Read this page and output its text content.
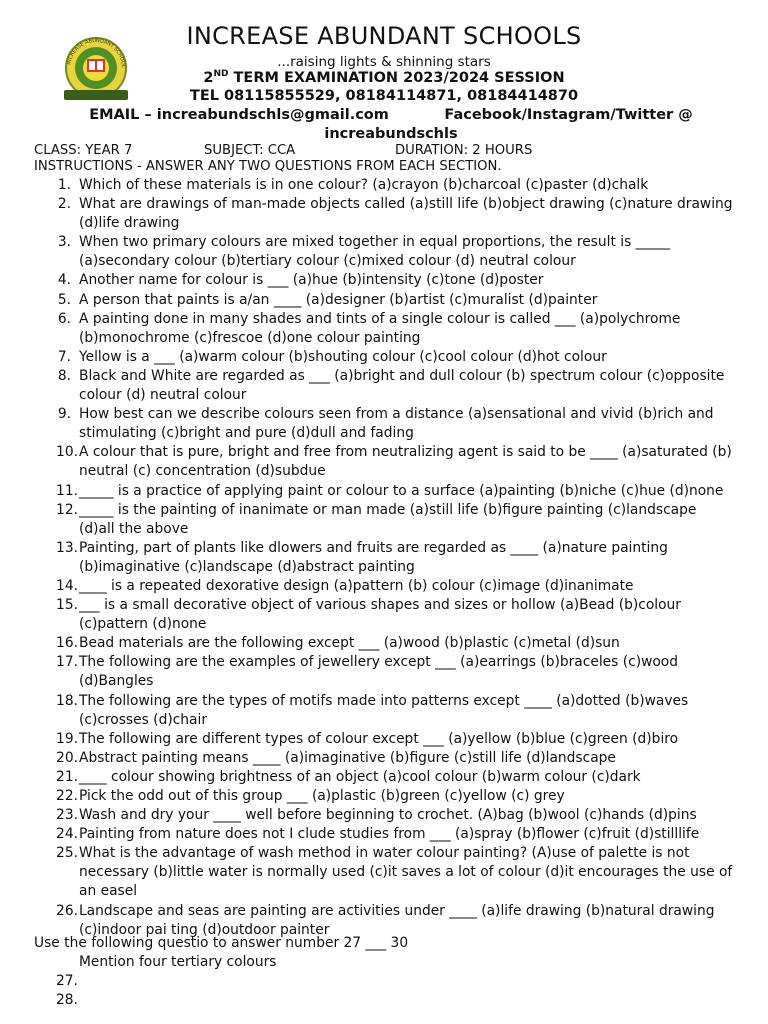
INCREASE ABUNDANT SCHOOL
INCREASE ABUNDANT SCHOOLS
...raising lights & shinning stars
2ND TERM EXAMINATION 2023/2024 SESSION
TEL 08115855529, 08184114871, 08184414870
EMAIL – increabundschls@gmail.com           Facebook/Instagram/Twitter @ increabundschls
CLASS: YEAR 7	SUBJECT: CCA	DURATION: 2 HOURS
INSTRUCTIONS - ANSWER ANY TWO QUESTIONS FROM EACH SECTION.
1. Which of these materials is in one colour? (a)crayon (b)charcoal (c)paster (d)chalk
2. What are drawings of man-made objects called (a)still life (b)object drawing (c)nature drawing (d)life drawing
3. When two primary colours are mixed together in equal proportions, the result is _____ (a)secondary colour (b)tertiary colour (c)mixed colour (d) neutral colour
4. Another name for colour is ___ (a)hue (b)intensity (c)tone (d)poster
5. A person that paints is a/an ____ (a)designer (b)artist (c)muralist (d)painter
6. A painting done in many shades and tints of a single colour is called ___ (a)polychrome (b)monochrome (c)frescoe (d)one colour painting
7. Yellow is a ___ (a)warm colour (b)shouting colour (c)cool colour (d)hot colour
8. Black and White are regarded as ___ (a)bright and dull colour (b) spectrum colour (c)opposite colour (d) neutral colour
9. How best can we describe colours seen from a distance (a)sensational and vivid (b)rich and stimulating (c)bright and pure (d)dull and fading
10. A colour that is pure, bright and free from neutralizing agent is said to be ____ (a)saturated (b) neutral (c) concentration (d)subdue
11. _____ is a practice of applying paint or colour to a surface (a)painting (b)niche (c)hue (d)none
12. _____ is the painting of inanimate or man made (a)still life (b)figure painting (c)landscape (d)all the above
13. Painting, part of plants like dlowers and fruits are regarded as ____ (a)nature painting (b)imaginative (c)landscape (d)abstract painting
14. ____ is a repeated dexorative design (a)pattern (b) colour (c)image (d)inanimate
15. ___ is a small decorative object of various shapes and sizes or hollow (a)Bead (b)colour (c)pattern (d)none
16. Bead materials are the following except ___ (a)wood (b)plastic (c)metal (d)sun
17. The following are the examples of jewellery except ___ (a)earrings (b)braceles (c)wood (d)Bangles
18. The following are the types of motifs made into patterns except ____ (a)dotted (b)waves (c)crosses (d)chair
19. The following are different types of colour except ___ (a)yellow (b)blue (c)green (d)biro
20. Abstract painting means ____ (a)imaginative (b)figure (c)still life (d)landscape
21. ____ colour showing brightness of an object (a)cool colour (b)warm colour (c)dark
22. Pick the odd out of this group ___ (a)plastic (b)green (c)yellow (c) grey
23. Wash and dry your ____ well before beginning to crochet. (A)bag (b)wool (c)hands (d)pins
24. Painting from nature does not I clude studies from ___ (a)spray (b)flower (c)fruit (d)stilllife
25. What is the advantage of wash method in water colour painting? (A)use of palette is not necessary (b)little water is normally used (c)it saves a lot of colour (d)it encourages the use of an easel
26. Landscape and seas are painting are activities under ____ (a)life drawing (b)natural drawing (c)indoor pai ting (d)outdoor painter
Use the following questio to answer number 27 ___ 30
Mention four tertiary colours
27.
28.
